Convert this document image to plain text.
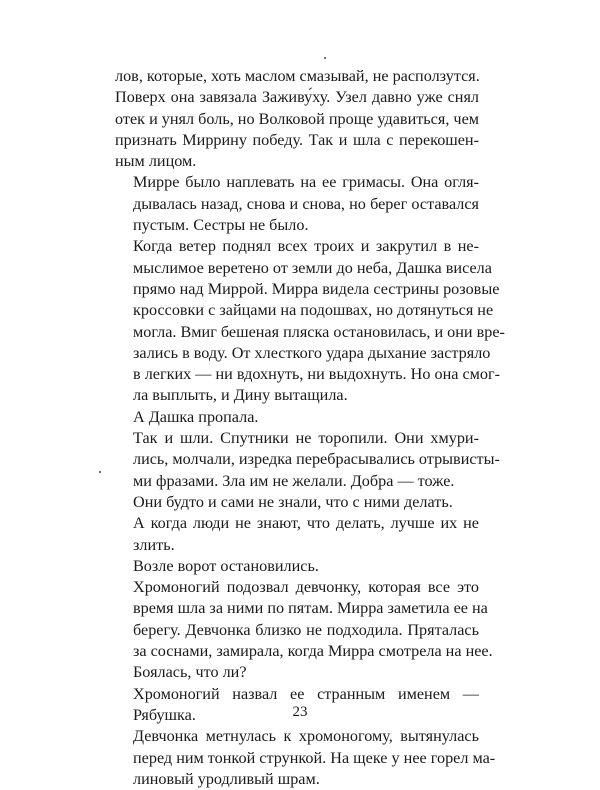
лов, которые, хоть маслом смазывай, не расползутся.
Поверх она завязала Заживу́ху. Узел давно уже снял
отек и унял боль, но Волковой проще удавиться, чем
признать Миррину победу. Так и шла с перекошен-
ным лицом.
Мирре было наплевать на ее гримасы. Она огля-
дывалась назад, снова и снова, но берег оставался
пустым. Сестры не было.
Когда ветер поднял всех троих и закрутил в не-
мыслимое веретено от земли до неба, Дашка висела
прямо над Миррой. Мирра видела сестрины розовые
кроссовки с зайцами на подошвах, но дотянуться не
могла. Вмиг бешеная пляска остановилась, и они вре-
зались в воду. От хлесткого удара дыхание застряло
в легких — ни вдохнуть, ни выдохнуть. Но она смог-
ла выплыть, и Дину вытащила.
А Дашка пропала.
Так и шли. Спутники не торопили. Они хмури-
лись, молчали, изредка перебрасывались отрывисты-
ми фразами. Зла им не желали. Добра — тоже.
Они будто и сами не знали, что с ними делать.
А когда люди не знают, что делать, лучше их не
злить.
Возле ворот остановились.
Хромоногий подозвал девчонку, которая все это
время шла за ними по пятам. Мирра заметила ее на
берегу. Девчонка близко не подходила. Пряталась
за соснами, замирала, когда Мирра смотрела на нее.
Боялась, что ли?
Хромоногий назвал ее странным именем —
Рябушка.
Девчонка метнулась к хромоногому, вытянулась
перед ним тонкой стрункой. На щеке у нее горел ма-
линовый уродливый шрам.
23
